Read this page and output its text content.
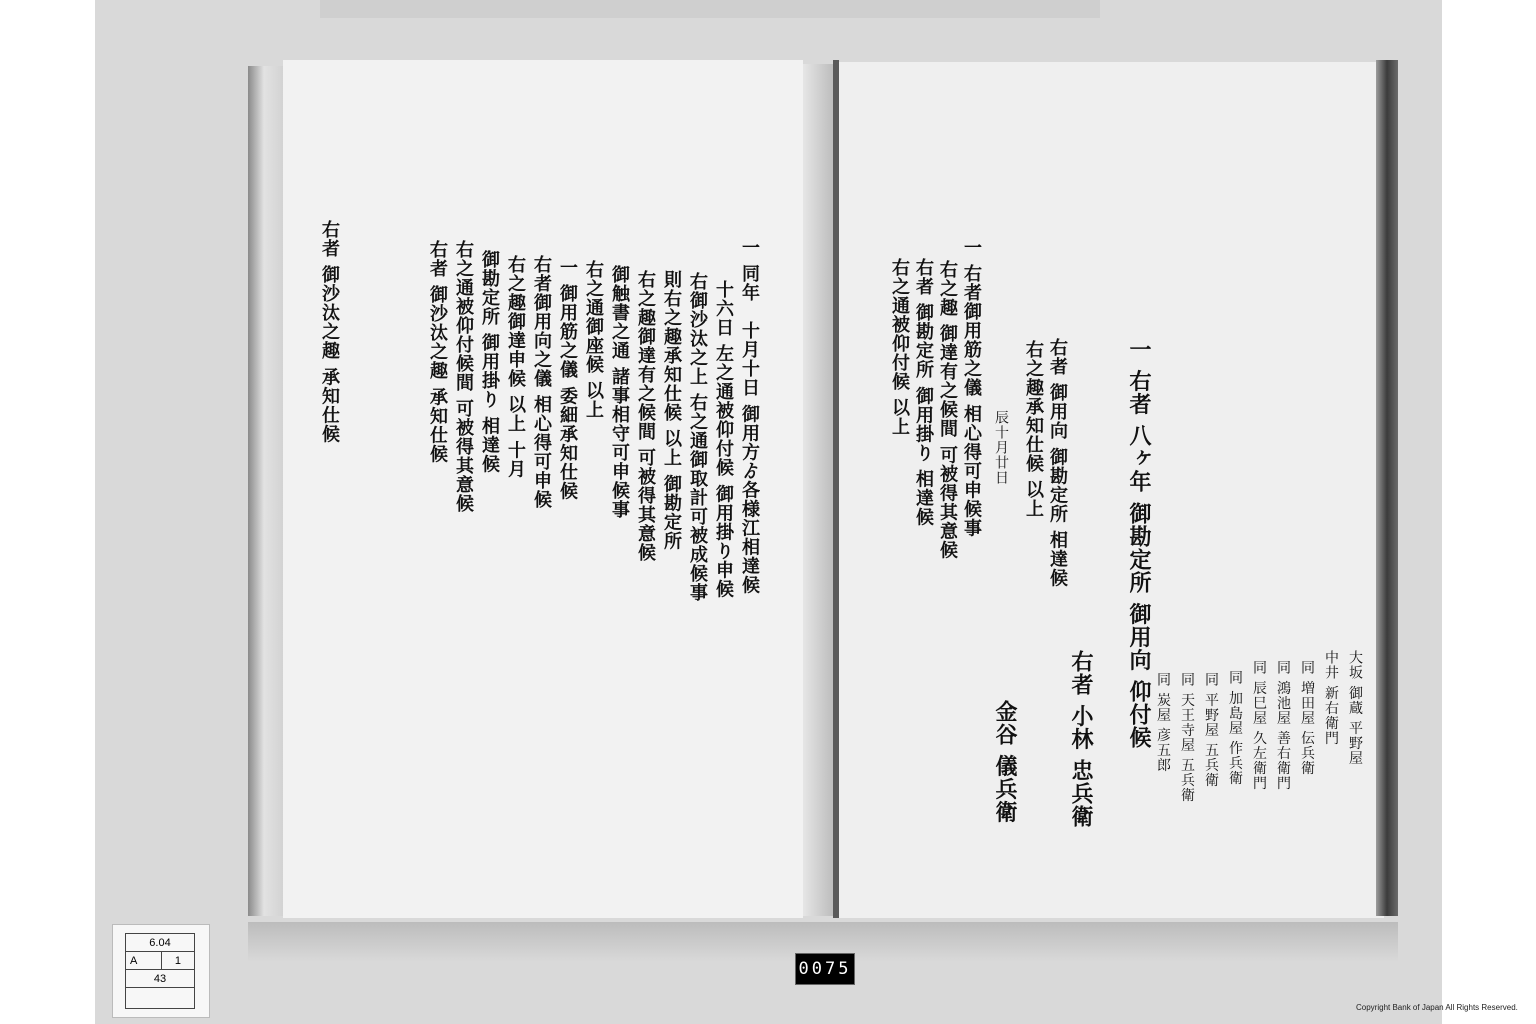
一 同年　十月十日 御用方ゟ各様江相達候
十六日 左之通被仰付候 御用掛り申候
右御沙汰之上 右之通御取計可被成候事
則右之趣承知仕候 以上 御勘定所
右之趣御達有之候間 可被得其意候
御触書之通 諸事相守可申候事
右之通御座候 以上
一 御用筋之儀 委細承知仕候
右者御用向之儀 相心得可申候
右之趣御達申候 以上 十月
御勘定所 御用掛り 相達候
右之通被仰付候間 可被得其意候
右者 御沙汰之趣 承知仕候
右者 御沙汰之趣 承知仕候
一 右者 八ヶ年 御勘定所 御用向 仰付候
一 右者御用筋之儀 相心得可申候事
右之趣 御達有之候間 可被得其意候
右者 御勘定所 御用掛り 相達候
右之通被仰付候 以上	右者 御用向 御勘定所 相達候
右之趣承知仕候 以上
辰十月廿日
右者 小林 忠兵衛
金谷 儀兵衛	大坂 御蔵 平野屋
中井 新右衛門
同 増田屋 伝兵衛
同 鴻池屋 善右衛門
同 辰巳屋 久左衛門
同 加島屋 作兵衛
同 平野屋 五兵衛
同 天王寺屋 五兵衛
同 炭屋 彦五郎
6.04
A	1
43	0075
Copyright Bank of Japan All Rights Reserved.
